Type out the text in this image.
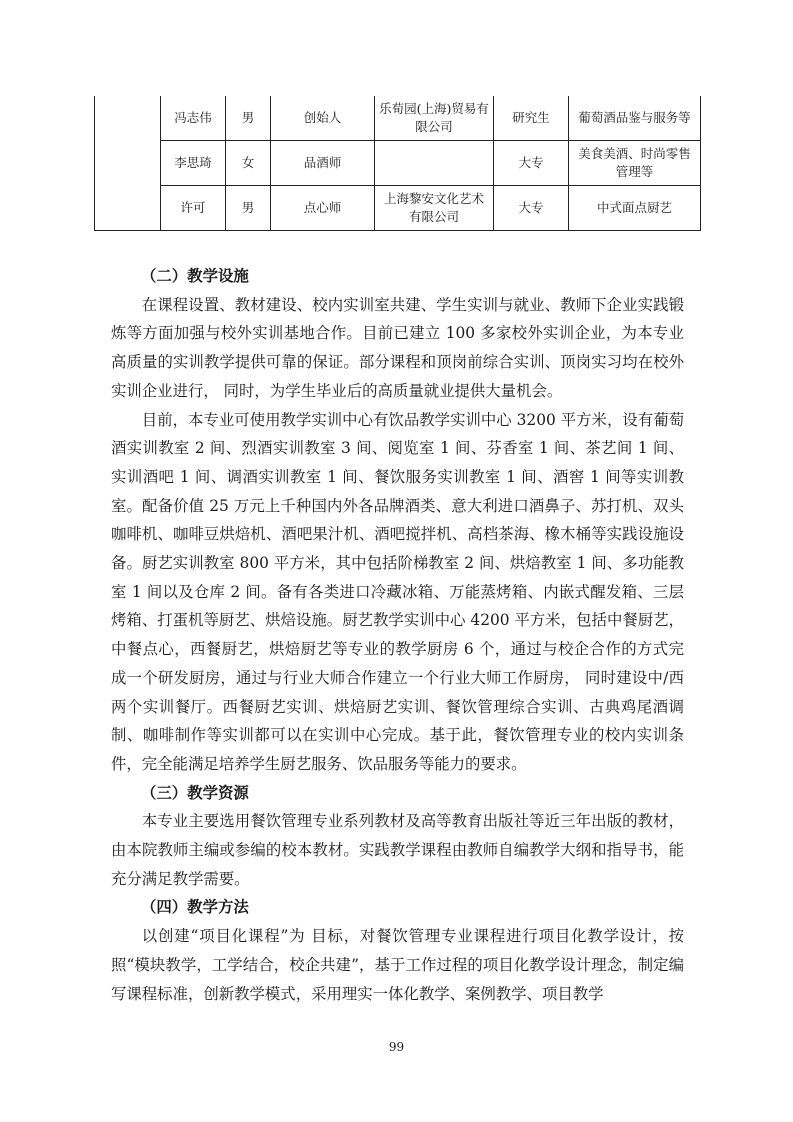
	冯志伟	男	创始人	乐荀园(上海)贸易有限公司	研究生	葡萄酒品鉴与服务等
	李思琦	女	品酒师		大专	美食美酒、时尚零售管理等
	许可	男	点心师	上海黎安文化艺术有限公司	大专	中式面点厨艺
（二）教学设施

在课程设置、教材建设、校内实训室共建、学生实训与就业、教师下企业实践锻炼等方面加强与校外实训基地合作。目前已建立 100 多家校外实训企业，为本专业高质量的实训教学提供可靠的保证。部分课程和顶岗前综合实训、顶岗实习均在校外实训企业进行， 同时，为学生毕业后的高质量就业提供大量机会。

目前，本专业可使用教学实训中心有饮品教学实训中心 3200 平方米，设有葡萄酒实训教室 2 间、烈酒实训教室 3 间、阅览室 1 间、芬香室 1 间、茶艺间 1 间、实训酒吧 1 间、调酒实训教室 1 间、餐饮服务实训教室 1 间、酒窖 1 间等实训教室。配备价值 25 万元上千种国内外各品牌酒类、意大利进口酒鼻子、苏打机、双头咖啡机、咖啡豆烘焙机、酒吧果汁机、酒吧搅拌机、高档茶海、橡木桶等实践设施设备。厨艺实训教室 800 平方米，其中包括阶梯教室 2 间、烘焙教室 1 间、多功能教室 1 间以及仓库 2 间。备有各类进口冷藏冰箱、万能蒸烤箱、内嵌式醒发箱、三层烤箱、打蛋机等厨艺、烘焙设施。厨艺教学实训中心 4200 平方米，包括中餐厨艺， 中餐点心，西餐厨艺，烘焙厨艺等专业的教学厨房 6 个，通过与校企合作的方式完成一个研发厨房，通过与行业大师合作建立一个行业大师工作厨房， 同时建设中/西两个实训餐厅。西餐厨艺实训、烘焙厨艺实训、餐饮管理综合实训、古典鸡尾酒调制、咖啡制作等实训都可以在实训中心完成。基于此，餐饮管理专业的校内实训条件，完全能满足培养学生厨艺服务、饮品服务等能力的要求。

（三）教学资源

本专业主要选用餐饮管理专业系列教材及高等教育出版社等近三年出版的教材，由本院教师主编或参编的校本教材。实践教学课程由教师自编教学大纲和指导书，能充分满足教学需要。

（四）教学方法

以创建“项目化课程”为 目标，对餐饮管理专业课程进行项目化教学设计，按照“模块教学，工学结合，校企共建”，基于工作过程的项目化教学设计理念，制定编写课程标准，创新教学模式，采用理实一体化教学、案例教学、项目教学

99
